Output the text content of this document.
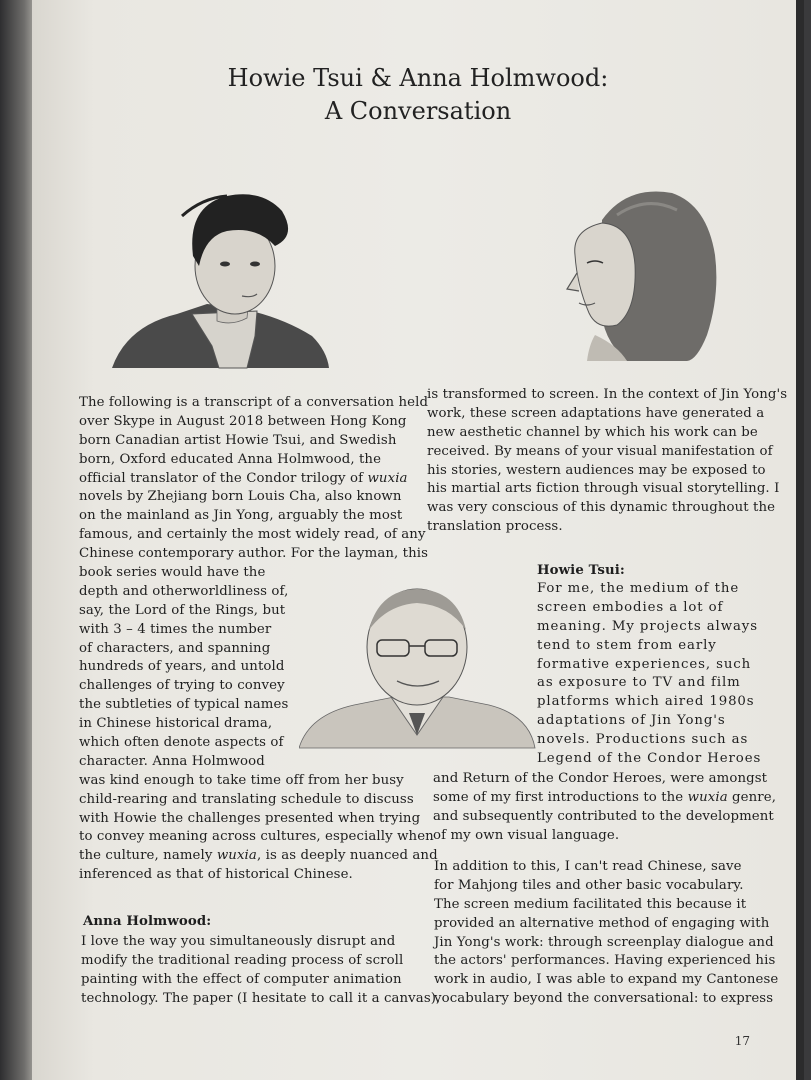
Howie Tsui & Anna Holmwood:
A Conversation
The following is a transcript of a conversation held
over Skype in August 2018 between Hong Kong
born Canadian artist Howie Tsui, and Swedish
born, Oxford educated Anna Holmwood, the
official translator of the Condor trilogy of wuxia
novels by Zhejiang born Louis Cha, also known
on the mainland as Jin Yong, arguably the most
famous, and certainly the most widely read, of any
Chinese contemporary author. For the layman, this
book series would have the
depth and otherworldliness of,
say, the Lord of the Rings, but
with 3 – 4 times the number
of characters, and spanning
hundreds of years, and untold
challenges of trying to convey
the subtleties of typical names
in Chinese historical drama,
which often denote aspects of
character. Anna Holmwood
was kind enough to take time off from her busy
child-rearing and translating schedule to discuss
with Howie the challenges presented when trying
to convey meaning across cultures, especially when
the culture, namely wuxia, is as deeply nuanced and
inferenced as that of historical Chinese.
Anna Holmwood:
I love the way you simultaneously disrupt and
modify the traditional reading process of scroll
painting with the effect of computer animation
technology. The paper (I hesitate to call it a canvas),
is transformed to screen. In the context of Jin Yong's
work, these screen adaptations have generated a
new aesthetic channel by which his work can be
received. By means of your visual manifestation of
his stories, western audiences may be exposed to
his martial arts fiction through visual storytelling. I
was very conscious of this dynamic throughout the
translation process.
Howie Tsui:
For me, the medium of the
screen embodies a lot of
meaning. My projects always
tend to stem from early
formative experiences, such
as exposure to TV and film
platforms which aired 1980s
adaptations of Jin Yong's
novels. Productions such as
Legend of the Condor Heroes
and Return of the Condor Heroes, were amongst
some of my first introductions to the wuxia genre,
and subsequently contributed to the development
of my own visual language.
In addition to this, I can't read Chinese, save
for Mahjong tiles and other basic vocabulary.
The screen medium facilitated this because it
provided an alternative method of engaging with
Jin Yong's work: through screenplay dialogue and
the actors' performances. Having experienced his
work in audio, I was able to expand my Cantonese
vocabulary beyond the conversational: to express
17
